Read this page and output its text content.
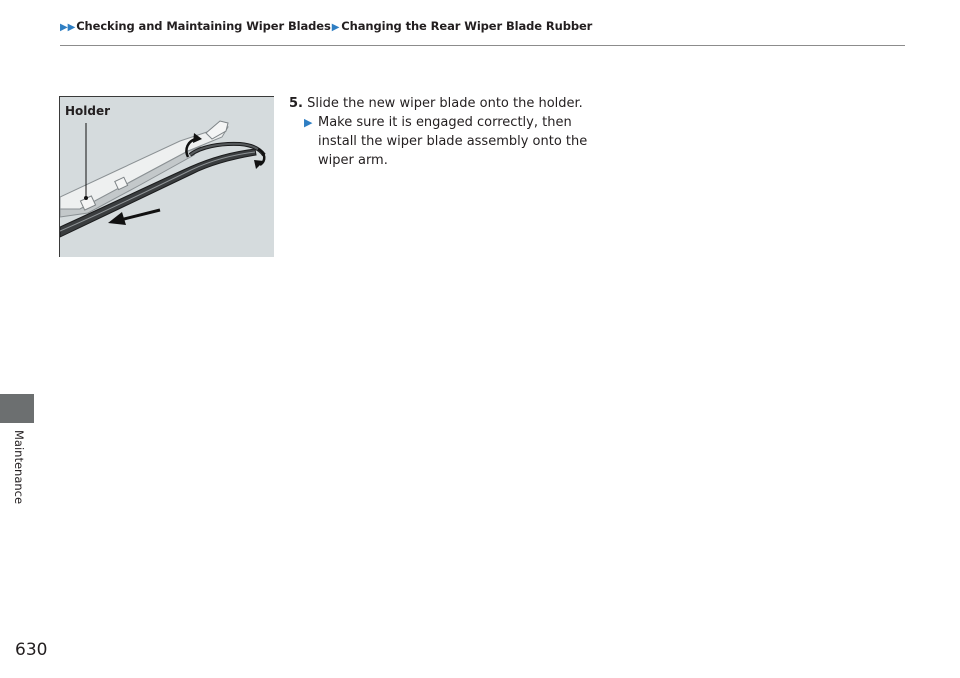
▶▶Checking and Maintaining Wiper Blades▶ Changing the Rear Wiper Blade Rubber
Maintenance
Holder	5. Slide the new wiper blade onto the holder.
▶ Make sure it is engaged correctly, then
install the wiper blade assembly onto the
wiper arm.
630
